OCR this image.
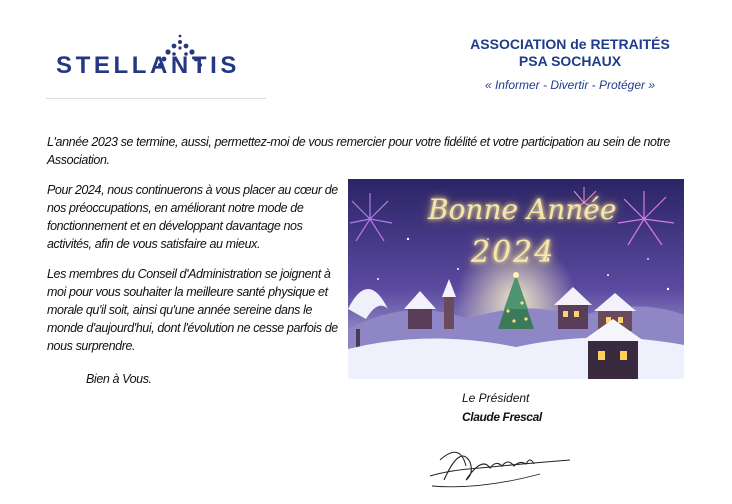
STELLANTIS
ASSOCIATION de RETRAITÉS
PSA SOCHAUX
« Informer - Divertir - Protéger »
L'année 2023 se termine, aussi, permettez-moi de vous remercier pour votre fidélité et votre participation au sein de notre Association.
Pour 2024, nous continuerons à vous placer au cœur de nos préoccupations, en améliorant notre mode de fonctionnement et en développant davantage nos activités, afin de vous satisfaire au mieux.
Les membres du Conseil d'Administration se joignent à moi pour vous souhaiter la meilleure santé physique et morale qu'il soit, ainsi qu'une année sereine dans le monde d'aujourd'hui, dont l'évolution ne cesse parfois de nous surprendre.
Bien à Vous.
Bonne Année
2024
Le Président
Claude Frescal
